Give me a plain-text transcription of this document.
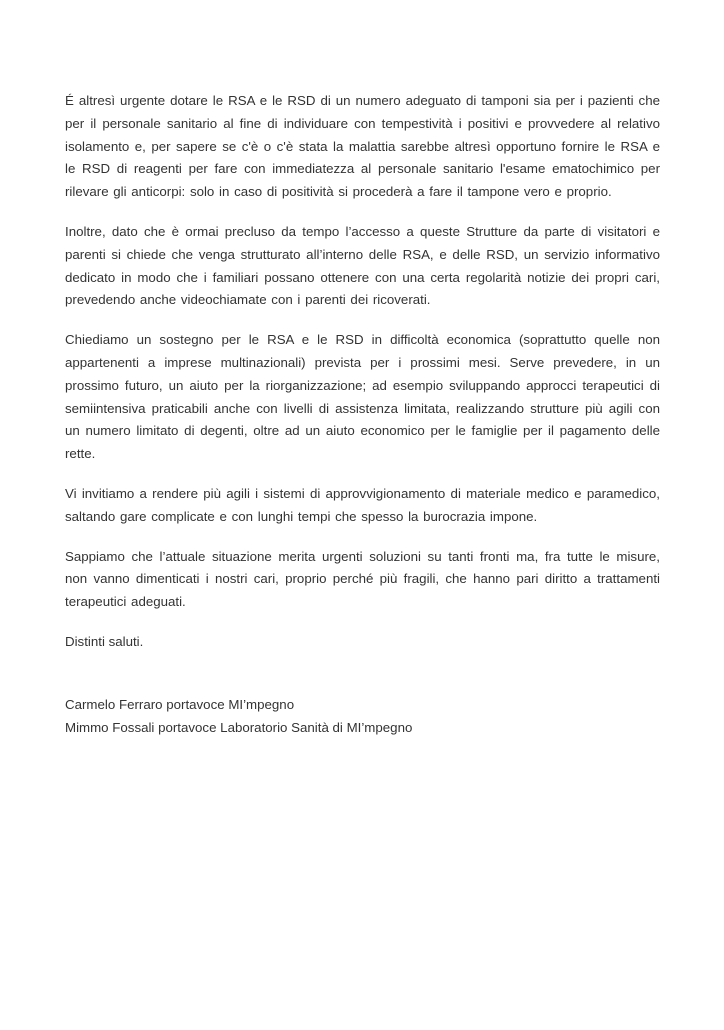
É altresì urgente dotare le RSA e le RSD di un numero adeguato di tamponi sia per i pazienti che per il personale sanitario al fine di individuare con tempestività i positivi e provvedere al relativo isolamento e, per sapere se c'è o c'è stata la malattia sarebbe altresì opportuno fornire le RSA e le RSD di reagenti per fare con immediatezza al personale sanitario l'esame ematochimico per rilevare gli anticorpi: solo in caso di positività si procederà a fare il tampone vero e proprio.

Inoltre, dato che è ormai precluso da tempo l’accesso a queste Strutture da parte di visitatori e parenti si chiede che venga strutturato all’interno delle RSA, e delle RSD, un servizio informativo dedicato in modo che i familiari possano ottenere con una certa regolarità notizie dei propri cari, prevedendo anche videochiamate con i parenti dei ricoverati.

Chiediamo un sostegno per le RSA e le RSD in difficoltà economica (soprattutto quelle non appartenenti a imprese multinazionali) prevista per i prossimi mesi. Serve prevedere, in un prossimo futuro, un aiuto per la riorganizzazione; ad esempio sviluppando approcci terapeutici di semiintensiva praticabili anche con livelli di assistenza limitata, realizzando strutture più agili con un numero limitato di degenti, oltre ad un aiuto economico per le famiglie per il pagamento delle rette.

Vi invitiamo a rendere più agili i sistemi di approvvigionamento di materiale medico e paramedico, saltando gare complicate e con lunghi tempi che spesso la burocrazia impone.

Sappiamo che l’attuale situazione merita urgenti soluzioni su tanti fronti ma, fra tutte le misure, non vanno dimenticati i nostri cari, proprio perché più fragili, che hanno pari diritto a trattamenti terapeutici adeguati.

Distinti saluti.

Carmelo Ferraro portavoce MI’mpegno

Mimmo Fossali portavoce Laboratorio Sanità di MI’mpegno
